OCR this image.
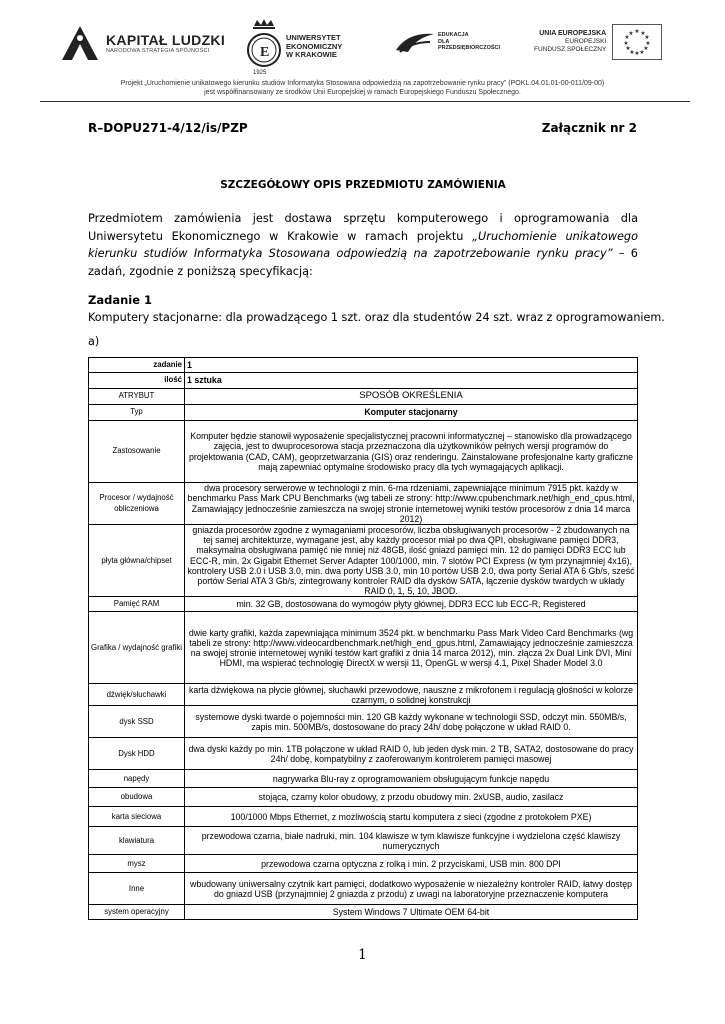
KAPITAŁ LUDZKI
NARODOWA STRATEGIA SPÓJNOŚCI	E
1925
UNIWERSYTET
EKONOMICZNY
W KRAKOWIE
EDUKACJA
DLA
PRZEDSIĘBIORCZOŚCI
UNIA EUROPEJSKA
EUROPEJSKI
FUNDUSZ SPOŁECZNY
★ ★
★
★
★
★
★
★
★
★
★
★
Projekt „Uruchomienie unikatowego kierunku studiów Informatyka Stosowana odpowiedzią na zapotrzebowanie rynku pracy” (POKL.04.01.01-00-011/09-00)
jest współfinansowany ze środków Unii Europejskiej w ramach Europejskiego Funduszu Społecznego.
R–DOPU271-4/12/is/PZP	Załącznik nr 2
SZCZEGÓŁOWY OPIS PRZEDMIOTU ZAMÓWIENIA
Przedmiotem zamówienia jest dostawa sprzętu komputerowego i oprogramowania dla Uniwersytetu Ekonomicznego w Krakowie w ramach projektu „Uruchomienie unikatowego kierunku studiów Informatyka Stosowana odpowiedzią na zapotrzebowanie rynku pracy” – 6 zadań, zgodnie z poniższą specyfikacją:
Zadanie 1
Komputery stacjonarne: dla prowadzącego 1 szt. oraz dla studentów 24 szt. wraz z oprogramowaniem.
a)
zadanie	1
ilość	1 sztuka
ATRYBUT	SPOSÓB OKREŚLENIA
Typ	Komputer stacjonarny
Zastosowanie	Komputer będzie stanowił wyposażenie specjalistycznej pracowni informatycznej – stanowisko dla prowadzącego zajęcia, jest to dwuprocesorowa stacja przeznaczona dla użytkowników pełnych wersji programów do projektowania (CAD, CAM), geoprzetwarzania (GIS) oraz renderingu. Zainstalowane profesjonalne karty graficzne mają zapewniać optymalne środowisko pracy dla tych wymagających aplikacji.
Procesor / wydajność obliczeniowa	dwa procesory serwerowe w technologii z min. 6-ma rdzeniami, zapewniające minimum 7915 pkt. każdy w benchmarku Pass Mark CPU Benchmarks (wg tabeli ze strony: http://www.cpubenchmark.net/high_end_cpus.html, Zamawiający jednocześnie zamieszcza na swojej stronie internetowej wyniki testów procesorów z dnia 14 marca 2012)
płyta główna/chipset	gniazda procesorów zgodne z wymaganiami procesorów, liczba obsługiwanych procesorów - 2 zbudowanych na tej samej architekturze, wymagane jest, aby każdy procesor miał po dwa QPI, obsługiwane pamięci DDR3, maksymalna obsługiwana pamięć nie mniej niż 48GB, ilość gniazd pamięci min. 12 do pamięci DDR3 ECC lub ECC-R, min. 2x Gigabit Ethernet Server Adapter 100/1000, min. 7 slotów PCI Express (w tym przynajmniej 4x16), kontrolery USB 2.0 i USB 3.0, min. dwa porty USB 3.0, min 10 portów USB 2.0, dwa porty Serial ATA 6 Gb/s, sześć portów Serial ATA 3 Gb/s, zintegrowany kontroler RAID dla dysków SATA, łączenie dysków twardych w układy RAID 0, 1, 5, 10, JBOD.
Pamięć RAM	min. 32 GB, dostosowana do wymogów płyty głównej, DDR3 ECC lub ECC-R, Registered
Grafika / wydajność grafiki	dwie karty grafiki, każda zapewniająca minimum 3524 pkt. w benchmarku Pass Mark Video Card Benchmarks (wg tabeli ze strony: http://www.videocardbenchmark.net/high_end_gpus.html, Zamawiający jednocześnie zamieszcza na swojej stronie internetowej wyniki testów kart grafiki z dnia 14 marca 2012), min. złącza 2x Dual Link DVI, Mini HDMI, ma wspierać technologię DirectX w wersji 11, OpenGL w wersji 4.1, Pixel Shader Model 3.0
dźwięk/słuchawki	karta dźwiękowa na płycie głównej, słuchawki przewodowe, nauszne z mikrofonem i regulacją głośności w kolorze czarnym, o solidnej konstrukcji
dysk SSD	systemowe dyski twarde o pojemności min. 120 GB każdy wykonane w technologii SSD, odczyt min. 550MB/s, zapis min. 500MB/s, dostosowane do pracy 24h/ dobę połączone w układ RAID 0.
Dysk HDD	dwa dyski każdy po min. 1TB połączone w układ RAID 0, lub jeden dysk min. 2 TB, SATA2, dostosowane do pracy 24h/ dobę, kompatybilny z zaoferowanym kontrolerem pamięci masowej
napędy	nagrywarka Blu-ray z oprogramowaniem obsługującym funkcje napędu
obudowa	stojąca, czarny kolor obudowy, z przodu obudowy min. 2xUSB, audio, zasilacz
karta sieciowa	100/1000 Mbps Ethernet, z możliwością startu komputera z sieci (zgodne z protokołem PXE)
klawiatura	przewodowa czarna, białe nadruki, min. 104 klawisze w tym klawisze funkcyjne i wydzielona część klawiszy numerycznych
mysz	przewodowa czarna optyczna z rolką i min. 2 przyciskami, USB min. 800 DPI
Inne	wbudowany uniwersalny czytnik kart pamięci, dodatkowo wyposażenie w niezależny kontroler RAID, łatwy dostęp do gniazd USB (przynajmniej 2 gniazda z przodu) z uwagi na laboratoryjne przeznaczenie komputera
system operacyjny	System Windows 7 Ultimate OEM 64-bit
1
